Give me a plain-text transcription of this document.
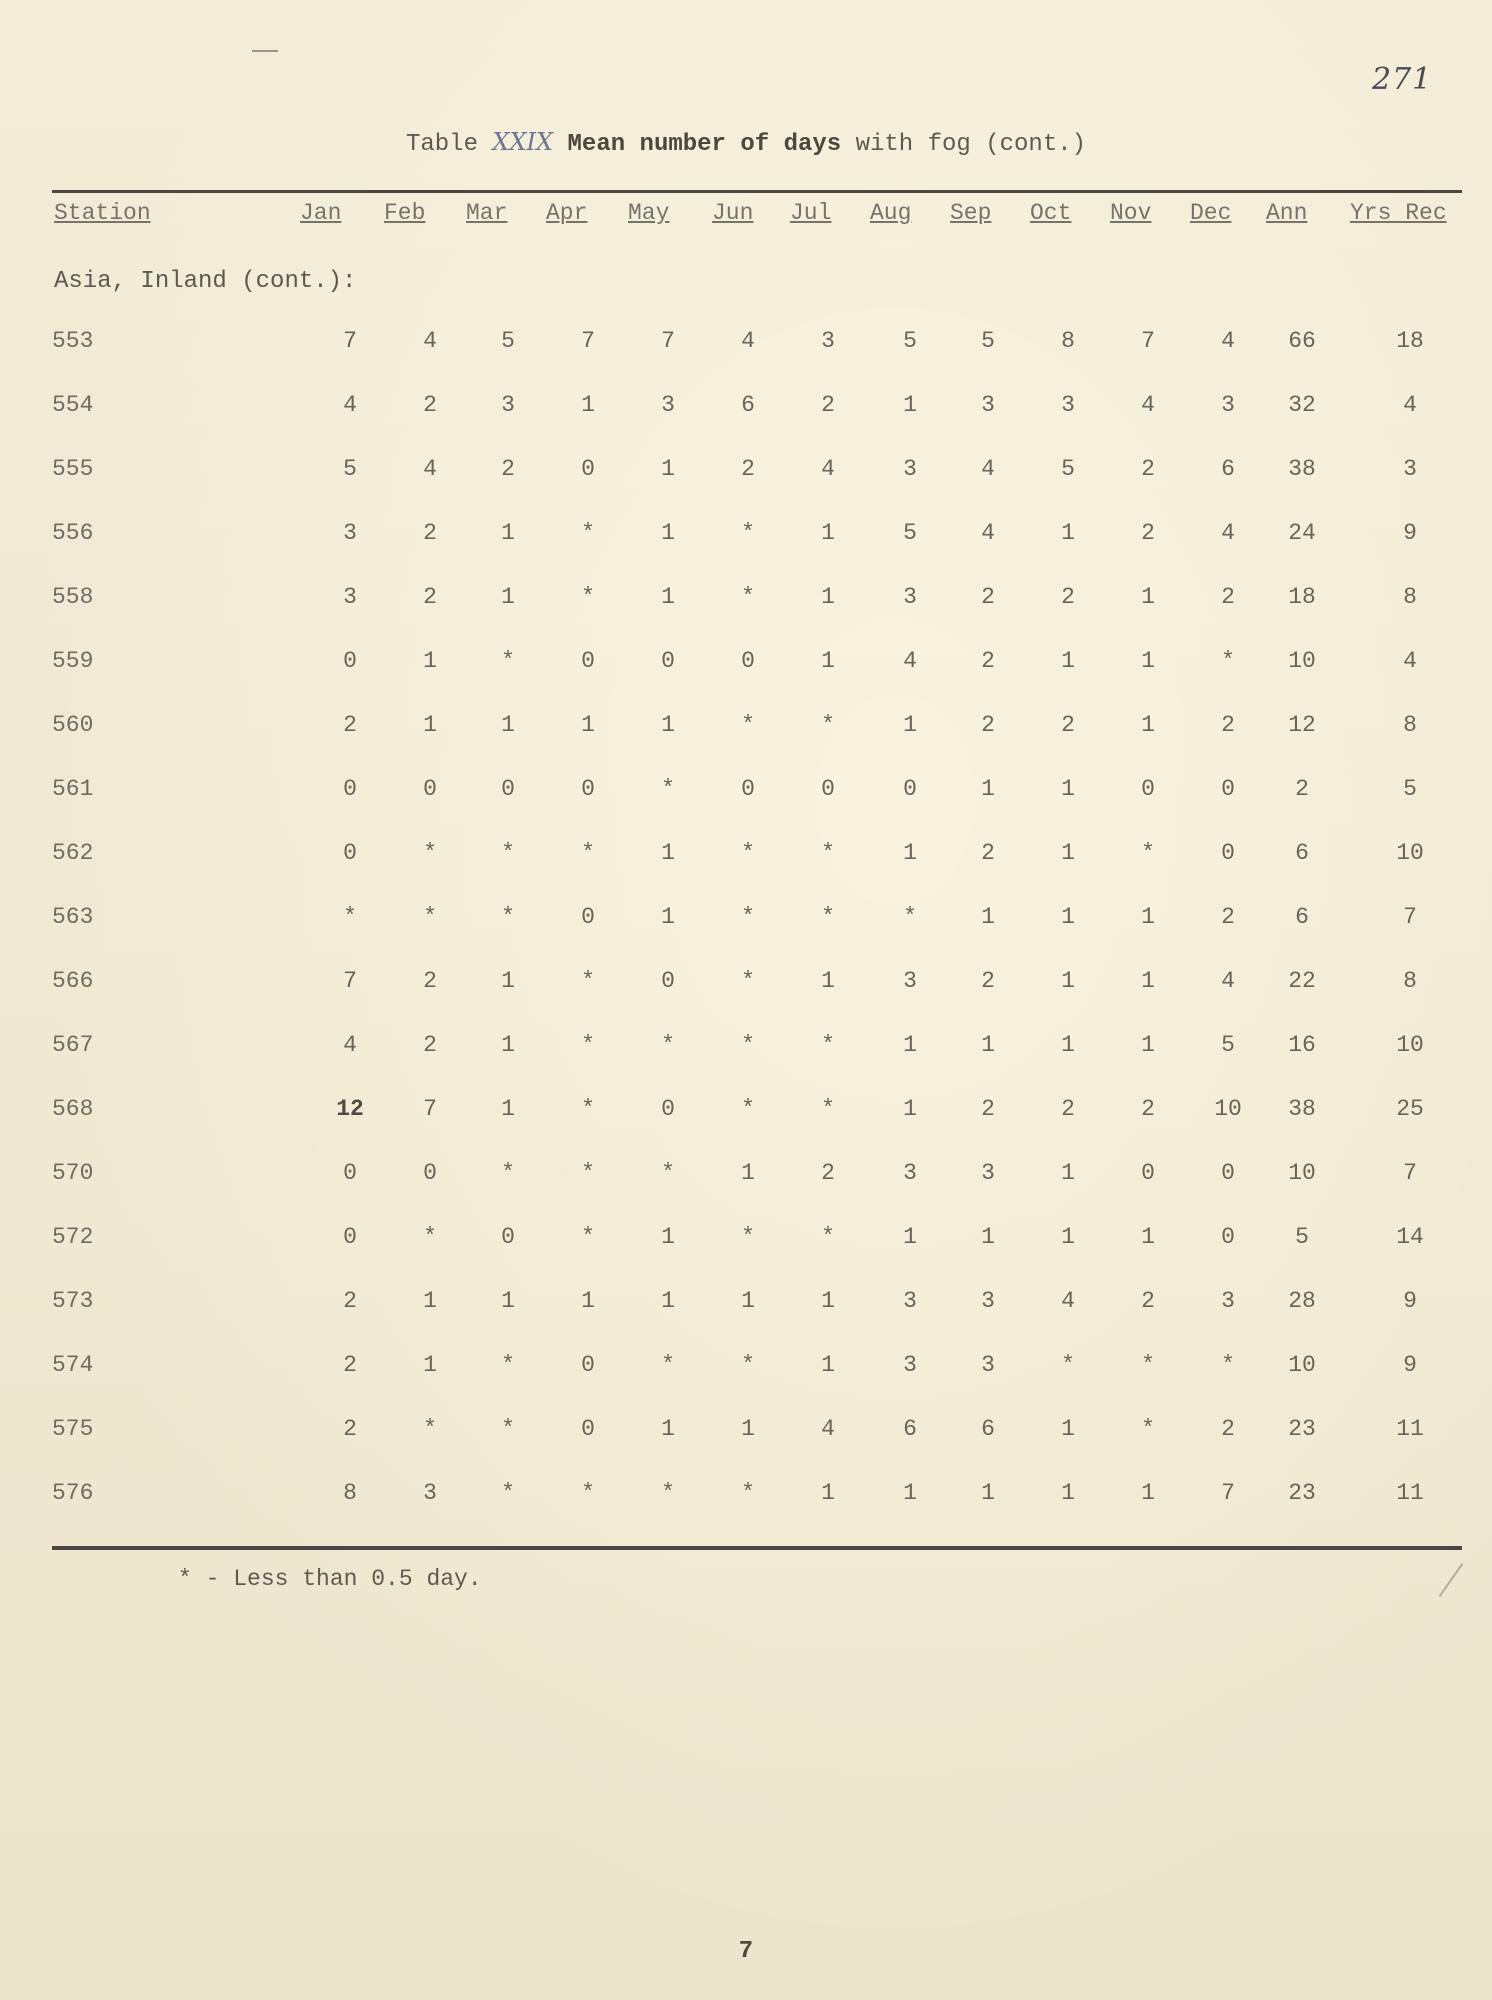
271
Table XXIX Mean number of days with fog (cont.)
Station	Jan Feb Mar Apr May Jun Jul Aug Sep Oct Nov Dec Ann Yrs Rec
Asia, Inland (cont.):
553	7	4	5	7	7	4	3	5	5	8	7	4	66	18
554	4	2	3	1	3	6	2	1	3	3	4	3	32	4
555	5	4	2	0	1	2	4	3	4	5	2	6	38	3
556	3	2	1	*	1	*	1	5	4	1	2	4	24	9
558	3	2	1	*	1	*	1	3	2	2	1	2	18	8
559	0	1	*	0	0	0	1	4	2	1	1	*	10	4
560	2	1	1	1	1	*	*	1	2	2	1	2	12	8
561	0	0	0	0	*	0	0	0	1	1	0	0	2	5
562	0	*	*	*	1	*	*	1	2	1	*	0	6	10
563	*	*	*	0	1	*	*	*	1	1	1	2	6	7
566	7	2	1	*	0	*	1	3	2	1	1	4	22	8
567	4	2	1	*	*	*	*	1	1	1	1	5	16	10
568	12	7	1	*	0	*	*	1	2	2	2	10	38	25
570	0	0	*	*	*	1	2	3	3	1	0	0	10	7
572	0	*	0	*	1	*	*	1	1	1	1	0	5	14
573	2	1	1	1	1	1	1	3	3	4	2	3	28	9
574	2	1	*	0	*	*	1	3	3	*	*	*	10	9
575	2	*	*	0	1	1	4	6	6	1	*	2	23	11
576	8	3	*	*	*	*	1	1	1	1	1	7	23	11
* - Less than 0.5 day.
7
